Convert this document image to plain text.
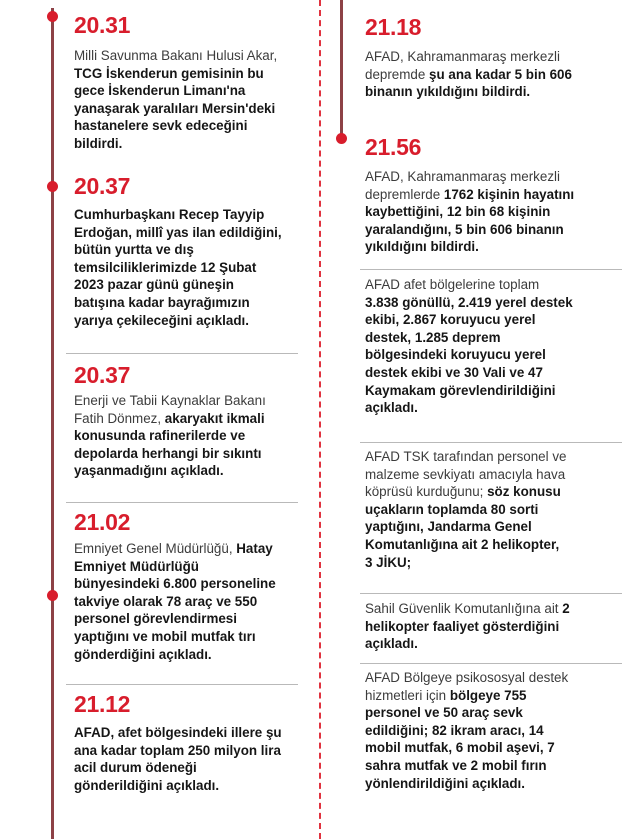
20.31

Milli Savunma Bakanı Hulusi Akar,

TCG İskenderun gemisinin bu

gece İskenderun Limanı'na

yanaşarak yaralıları Mersin'deki

hastanelere sevk edeceğini

bildirdi.

20.37

Cumhurbaşkanı Recep Tayyip

Erdoğan, millî yas ilan edildiğini,

bütün yurtta ve dış

temsilciliklerimizde 12 Şubat

2023 pazar günü güneşin

batışına kadar bayrağımızın

yarıya çekileceğini açıkladı.

20.37

Enerji ve Tabii Kaynaklar Bakanı

Fatih Dönmez, akaryakıt ikmali

konusunda rafinerilerde ve

depolarda herhangi bir sıkıntı

yaşanmadığını açıkladı.

21.02

Emniyet Genel Müdürlüğü, Hatay

Emniyet Müdürlüğü

bünyesindeki 6.800 personeline

takviye olarak 78 araç ve 550

personel görevlendirmesi

yaptığını ve mobil mutfak tırı

gönderdiğini açıkladı.

21.12

AFAD, afet bölgesindeki illere şu

ana kadar toplam 250 milyon lira

acil durum ödeneği

gönderildiğini açıkladı.

21.18

AFAD, Kahramanmaraş merkezli

depremde şu ana kadar 5 bin 606

binanın yıkıldığını bildirdi.

21.56

AFAD, Kahramanmaraş merkezli

depremlerde 1762 kişinin hayatını

kaybettiğini, 12 bin 68 kişinin

yaralandığını, 5 bin 606 binanın

yıkıldığını bildirdi.

AFAD afet bölgelerine toplam

3.838 gönüllü, 2.419 yerel destek

ekibi, 2.867 koruyucu yerel

destek, 1.285 deprem

bölgesindeki koruyucu yerel

destek ekibi ve 30 Vali ve 47

Kaymakam görevlendirildiğini

açıkladı.

AFAD TSK tarafından personel ve

malzeme sevkiyatı amacıyla hava

köprüsü kurduğunu; söz konusu

uçakların toplamda 80 sorti

yaptığını, Jandarma Genel

Komutanlığına ait 2 helikopter,

3 JİKU;

Sahil Güvenlik Komutanlığına ait 2

helikopter faaliyet gösterdiğini

açıkladı.

AFAD Bölgeye psikososyal destek

hizmetleri için bölgeye 755

personel ve 50 araç sevk

edildiğini; 82 ikram aracı, 14

mobil mutfak, 6 mobil aşevi, 7

sahra mutfak ve 2 mobil fırın

yönlendirildiğini açıkladı.
